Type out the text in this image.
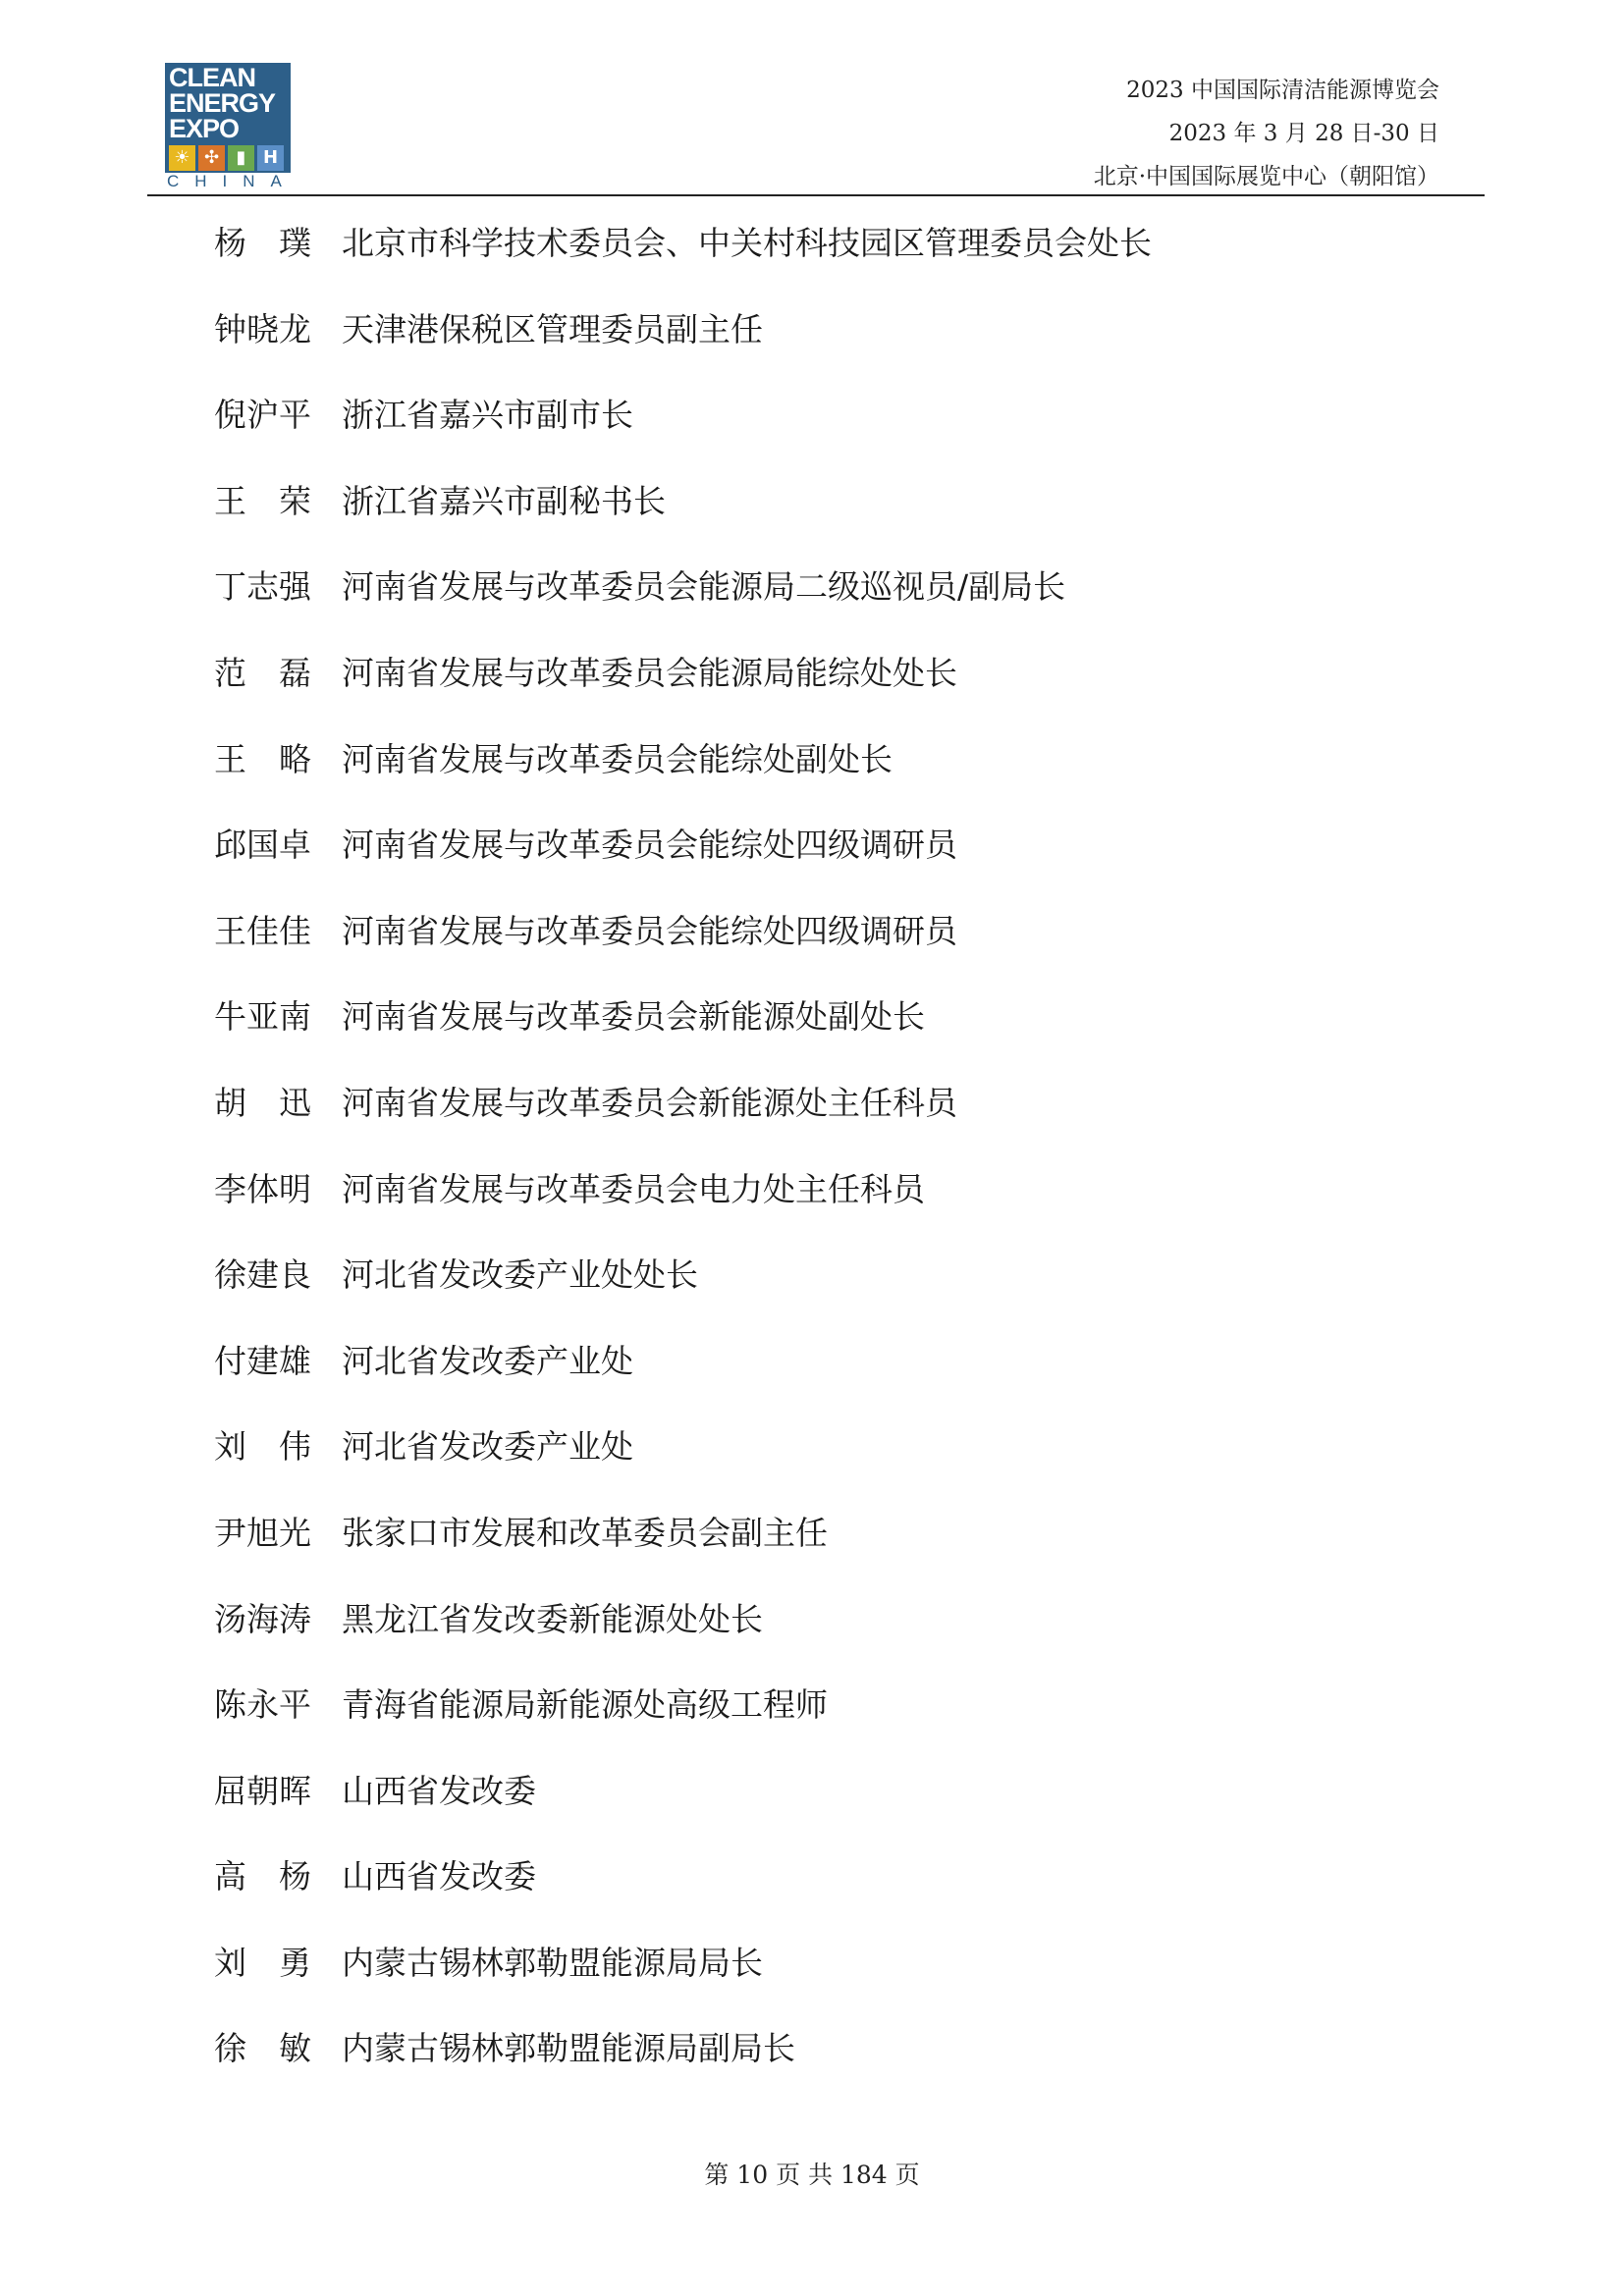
CLEAN
ENERGY
EXPO
☀ ✣ ▮ H
CHINA
2023 中国国际清洁能源博览会
2023 年 3 月 28 日-30 日
北京·中国国际展览中心（朝阳馆）
杨　璞 北京市科学技术委员会、中关村科技园区管理委员会处长
钟晓龙 天津港保税区管理委员副主任
倪沪平 浙江省嘉兴市副市长
王　荣 浙江省嘉兴市副秘书长
丁志强 河南省发展与改革委员会能源局二级巡视员/副局长
范　磊 河南省发展与改革委员会能源局能综处处长
王　略 河南省发展与改革委员会能综处副处长
邱国卓 河南省发展与改革委员会能综处四级调研员
王佳佳 河南省发展与改革委员会能综处四级调研员
牛亚南 河南省发展与改革委员会新能源处副处长
胡　迅 河南省发展与改革委员会新能源处主任科员
李体明 河南省发展与改革委员会电力处主任科员
徐建良 河北省发改委产业处处长
付建雄 河北省发改委产业处
刘　伟 河北省发改委产业处
尹旭光 张家口市发展和改革委员会副主任
汤海涛 黑龙江省发改委新能源处处长
陈永平 青海省能源局新能源处高级工程师
屈朝晖 山西省发改委
高　杨 山西省发改委
刘　勇 内蒙古锡林郭勒盟能源局局长
徐　敏 内蒙古锡林郭勒盟能源局副局长
第 10 页 共 184 页
